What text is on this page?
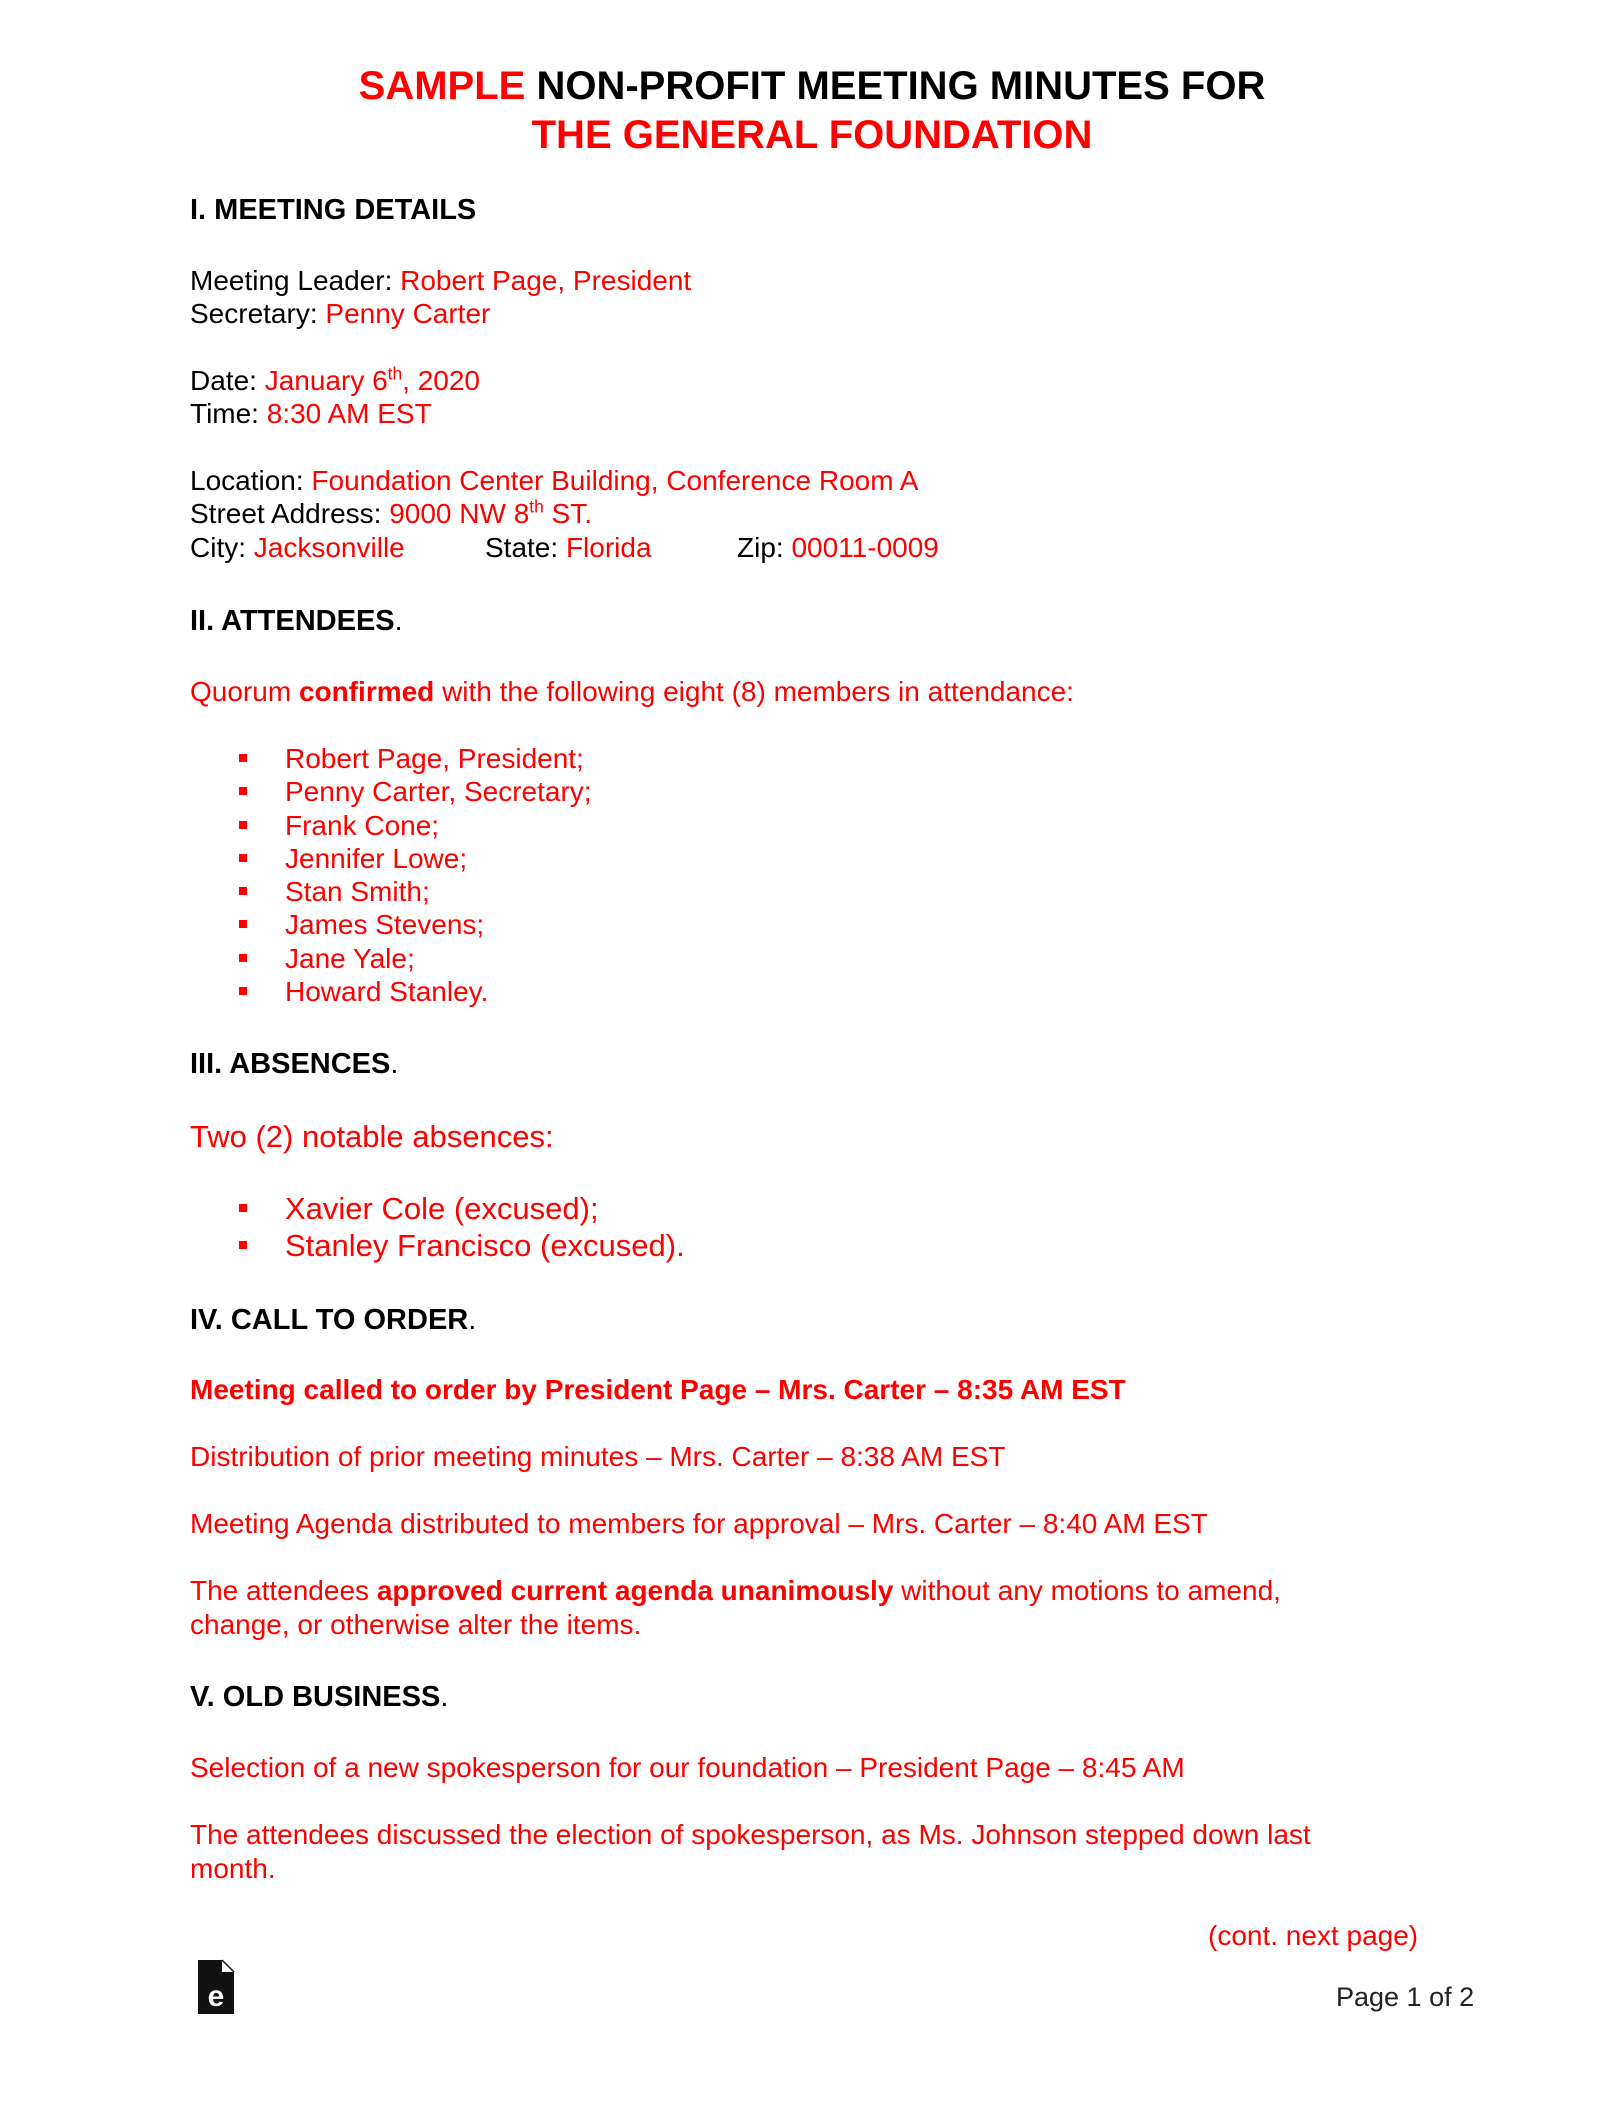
SAMPLE NON-PROFIT MEETING MINUTES FOR
THE GENERAL FOUNDATION
I. MEETING DETAILS
Meeting Leader: Robert Page, President
Secretary: Penny Carter
Date: January 6th, 2020
Time: 8:30 AM EST
Location: Foundation Center Building, Conference Room A
Street Address: 9000 NW 8th ST.
City: Jacksonville	State: Florida	Zip: 00011-0009
II. ATTENDEES.
Quorum confirmed with the following eight (8) members in attendance:
Robert Page, President;
Penny Carter, Secretary;
Frank Cone;
Jennifer Lowe;
Stan Smith;
James Stevens;
Jane Yale;
Howard Stanley.
III. ABSENCES.
Two (2) notable absences:
Xavier Cole (excused);
Stanley Francisco (excused).
IV. CALL TO ORDER.
Meeting called to order by President Page – Mrs. Carter – 8:35 AM EST
Distribution of prior meeting minutes – Mrs. Carter – 8:38 AM EST
Meeting Agenda distributed to members for approval – Mrs. Carter – 8:40 AM EST
The attendees approved current agenda unanimously without any motions to amend,
change, or otherwise alter the items.
V. OLD BUSINESS.
Selection of a new spokesperson for our foundation – President Page – 8:45 AM
The attendees discussed the election of spokesperson, as Ms. Johnson stepped down last
month.
(cont. next page)
e	Page 1 of 2
